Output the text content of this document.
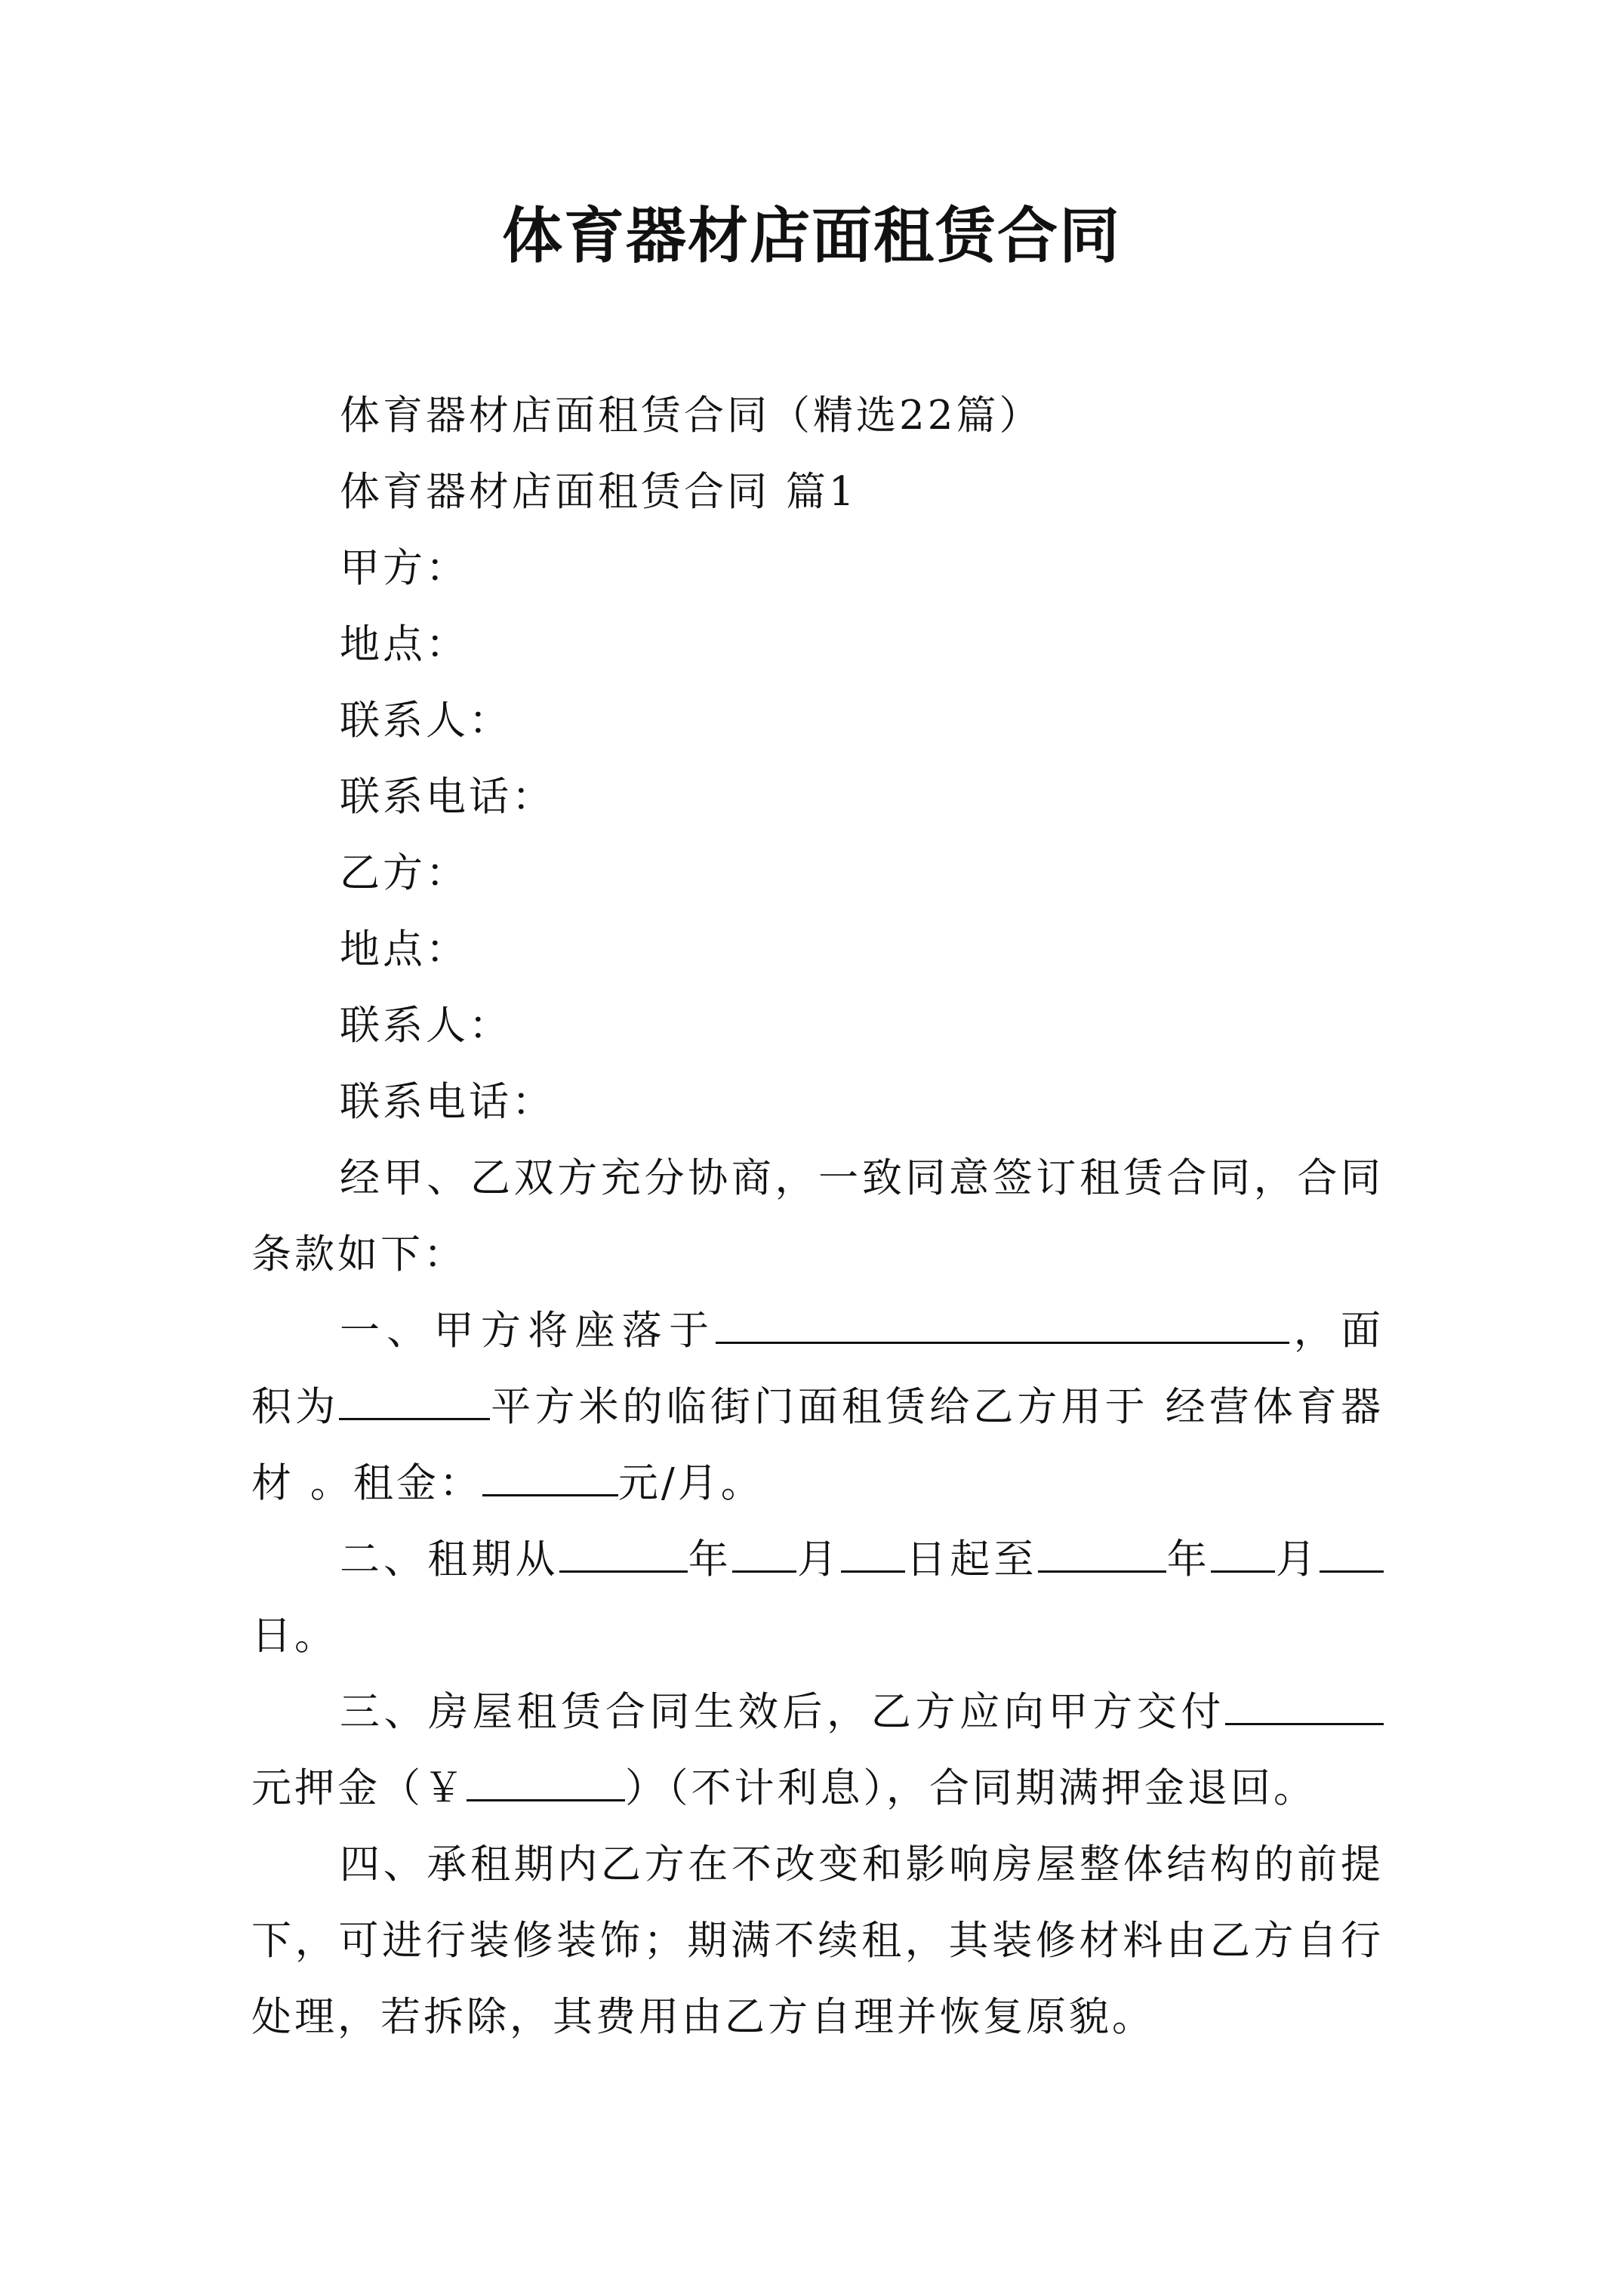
体育器材店面租赁合同

体育器材店面租赁合同（精选22篇）

体育器材店面租赁合同 篇1

甲方：

地点：

联系人：

联系电话：

乙方：

地点：

联系人：

联系电话：

经甲、乙双方充分协商，一致同意签订租赁合同，合同条款如下：

一、甲方将座落于	，面积为	平方米的临街门面租赁给乙方用于 经营体育器材 。租金：	元/月。

二、租期从	年 月 日起至	年 月日。

三、房屋租赁合同生效后，乙方应向甲方交付元押金（￥	）（不计利息），合同期满押金退回。

四、承租期内乙方在不改变和影响房屋整体结构的前提下，可进行装修装饰；期满不续租，其装修材料由乙方自行处理，若拆除，其费用由乙方自理并恢复原貌。
